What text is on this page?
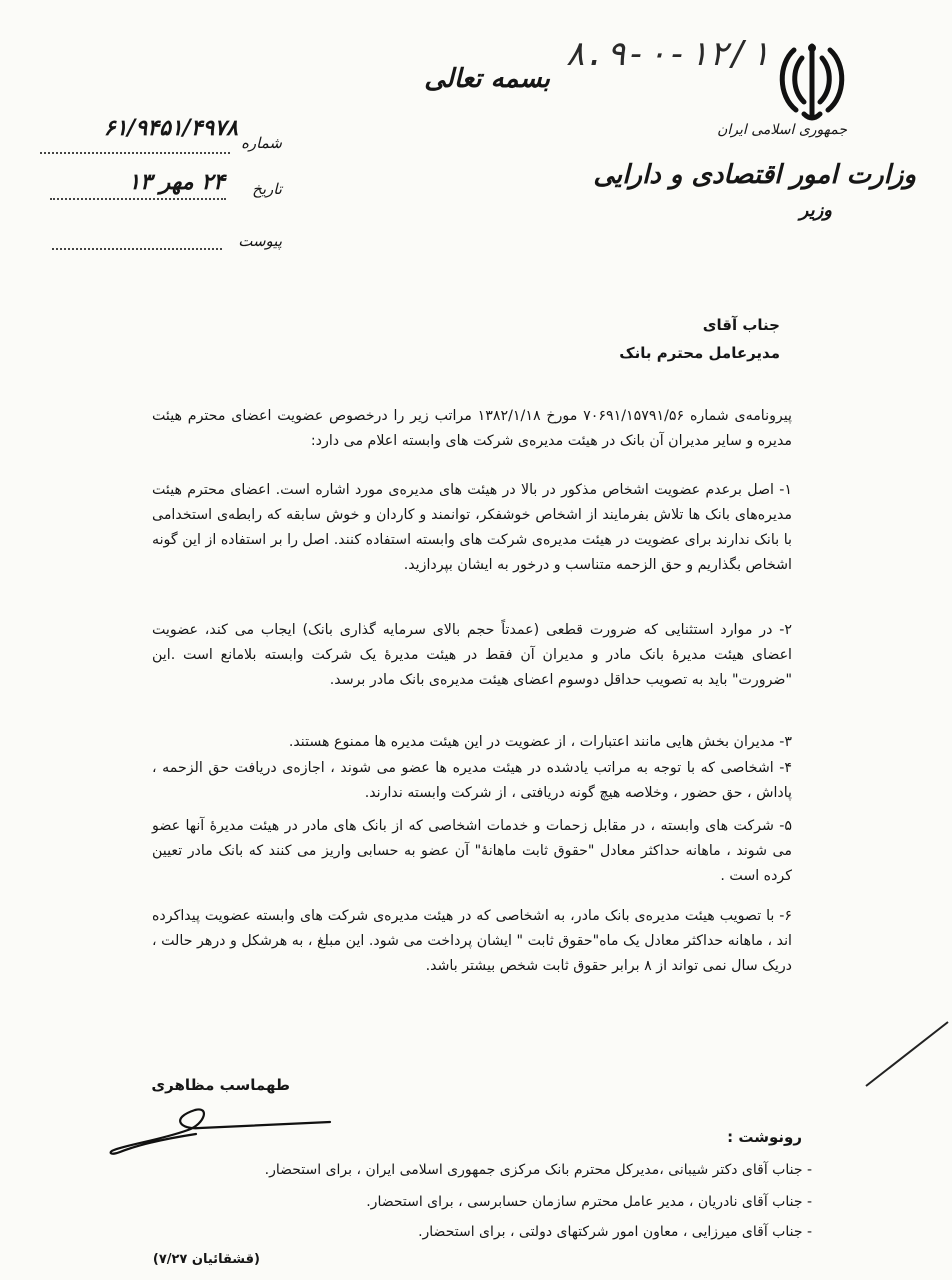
جمهوری اسلامی ایران
وزارت امور اقتصادی و دارایی
وزیر
بسمه تعالی
۸.۹-۰-۱۲/۱
شماره
۶۱/۹۴۵۱/۴۹۷۸
تاریخ
۲۴ مهر ۱۳
پیوست
جناب آقای
مدیرعامل محترم بانک
پیرونامه‌ی شماره ۷۰۶۹۱/۱۵۷۹۱/۵۶ مورخ ۱۳۸۲/۱/۱۸ مراتب زیر را درخصوص عضویت اعضای محترم هیئت مدیره و سایر مدیران آن بانک در هیئت مدیره‌ی شرکت های وابسته اعلام می دارد:
۱- اصل برعدم عضویت اشخاص مذکور در بالا در هیئت های مدیره‌ی مورد اشاره است. اعضای محترم هیئت مدیره‌های بانک ها تلاش بفرمایند از اشخاص خوشفکر، توانمند و کاردان و خوش سابقه که رابطه‌ی استخدامی با بانک ندارند برای عضویت در هیئت مدیره‌ی شرکت های وابسته استفاده کنند. اصل را بر استفاده از این گونه اشخاص بگذاریم و حق الزحمه متناسب و درخور به ایشان بپردازید.
۲- در موارد استثنایی که ضرورت قطعی (عمدتاً حجم بالای سرمایه گذاری بانک) ایجاب می کند، عضویت اعضای هیئت مدیرهٔ بانک مادر و مدیران آن فقط در هیئت مدیرهٔ یک شرکت وابسته بلامانع است .این "ضرورت" باید به تصویب حداقل دوسوم اعضای هیئت مدیره‌ی بانک مادر برسد.
۳- مدیران بخش هایی مانند اعتبارات ، از عضویت در این هیئت مدیره ها ممنوع هستند.
۴- اشخاصی که با توجه به مراتب یادشده در هیئت مدیره ها عضو می شوند ، اجازه‌ی دریافت حق الزحمه ، پاداش ، حق حضور ، وخلاصه هیچ گونه دریافتی ، از شرکت وابسته ندارند.
۵- شرکت های وابسته ، در مقابل زحمات و خدمات اشخاصی که از بانک های مادر در هیئت مدیرهٔ آنها عضو می شوند ، ماهانه حداکثر معادل "حقوق ثابت ماهانهٔ" آن عضو به حسابی واریز می کنند که بانک مادر تعیین کرده است .
۶- با تصویب هیئت مدیره‌ی بانک مادر، به اشخاصی که در هیئت مدیره‌ی شرکت های وابسته عضویت پیداکرده اند ، ماهانه حداکثر معادل یک ماه"حقوق ثابت " ایشان پرداخت می شود. این مبلغ ، به هرشکل و درهر حالت ، دریک سال نمی تواند از ۸ برابر حقوق ثابت شخص بیشتر باشد.
طهماسب مظاهری
رونوشت :
- جناب آقای دکتر شیبانی ،مدیرکل محترم بانک مرکزی جمهوری اسلامی ایران ، برای استحضار.
- جناب آقای نادریان ، مدیر عامل محترم سازمان حسابرسی ، برای استحضار.
- جناب آقای میرزایی ، معاون امور شرکتهای دولتی ، برای استحضار.
(قشقائیان ۷/۲۷)
